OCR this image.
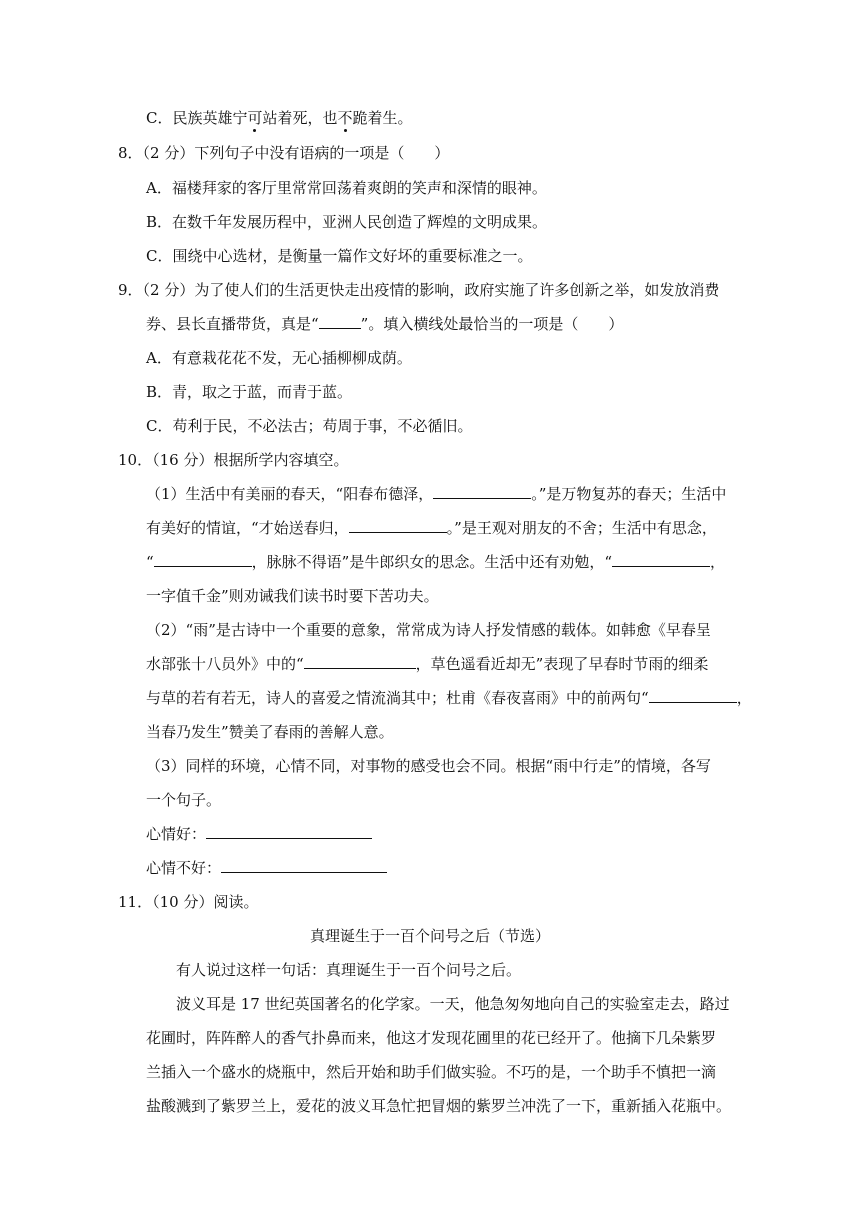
C．民族英雄宁可站着死，也不跪着生。
8．（2 分）下列句子中没有语病的一项是（　　）
A．福楼拜家的客厅里常常回荡着爽朗的笑声和深情的眼神。
B．在数千年发展历程中，亚洲人民创造了辉煌的文明成果。
C．围绕中心选材，是衡量一篇作文好坏的重要标准之一。
9．（2 分）为了使人们的生活更快走出疫情的影响，政府实施了许多创新之举，如发放消费
券、县长直播带货，真是“	”。填入横线处最恰当的一项是（　　）
A．有意栽花花不发，无心插柳柳成荫。
B．青，取之于蓝，而青于蓝。
C．苟利于民，不必法古；苟周于事，不必循旧。
10．（16 分）根据所学内容填空。
（1）生活中有美丽的春天，“阳春布德泽，	。”是万物复苏的春天；生活中
有美好的情谊，“才始送春归，	。”是王观对朋友的不舍；生活中有思念，
“	，脉脉不得语”是牛郎织女的思念。生活中还有劝勉，“	，
一字值千金”则劝诫我们读书时要下苦功夫。
（2）“雨”是古诗中一个重要的意象，常常成为诗人抒发情感的载体。如韩愈《早春呈
水部张十八员外》中的“	，草色遥看近却无”表现了早春时节雨的细柔
与草的若有若无，诗人的喜爱之情流淌其中；杜甫《春夜喜雨》中的前两句“	，
当春乃发生”赞美了春雨的善解人意。
（3）同样的环境，心情不同，对事物的感受也会不同。根据“雨中行走”的情境，各写
一个句子。
心情好：
心情不好：
11．（10 分）阅读。
真理诞生于一百个问号之后（节选）
有人说过这样一句话：真理诞生于一百个问号之后。
波义耳是 17 世纪英国著名的化学家。一天，他急匆匆地向自己的实验室走去，路过
花圃时，阵阵醉人的香气扑鼻而来，他这才发现花圃里的花已经开了。他摘下几朵紫罗
兰插入一个盛水的烧瓶中，然后开始和助手们做实验。不巧的是，一个助手不慎把一滴
盐酸溅到了紫罗兰上，爱花的波义耳急忙把冒烟的紫罗兰冲洗了一下，重新插入花瓶中。
